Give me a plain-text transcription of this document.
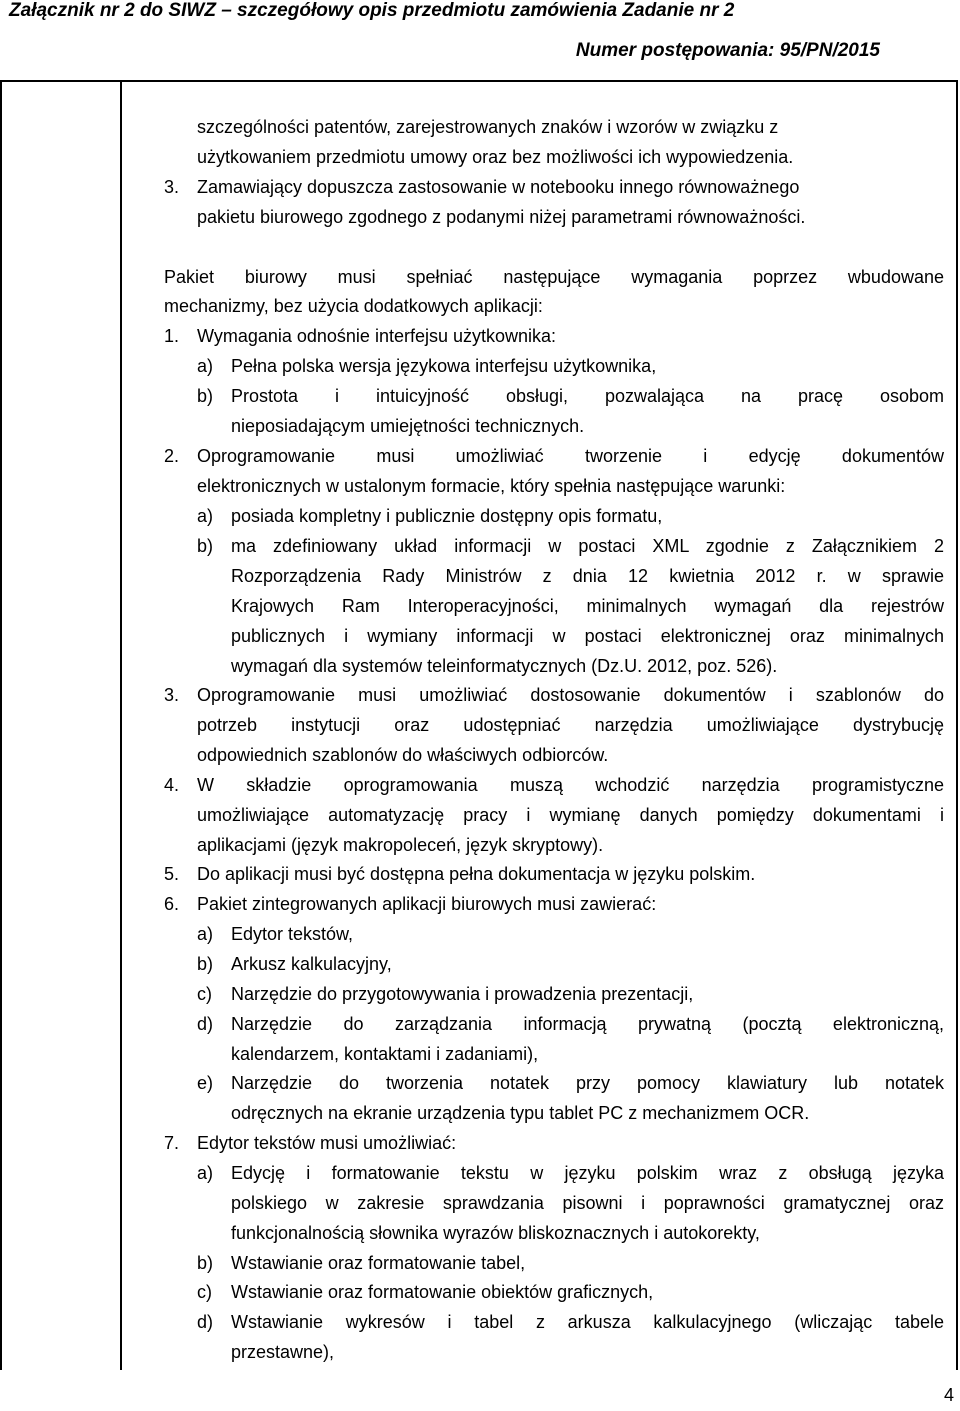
Załącznik nr 2 do SIWZ – szczegółowy opis przedmiotu zamówienia Zadanie nr 2
Numer postępowania: 95/PN/2015
szczególności patentów, zarejestrowanych znaków i wzorów w związku z
użytkowaniem przedmiotu umowy oraz bez możliwości ich wypowiedzenia.
3. Zamawiający dopuszcza zastosowanie w notebooku innego równoważnego
pakietu biurowego zgodnego z podanymi niżej parametrami równoważności.
Pakiet biurowy musi spełniać następujące wymagania poprzez wbudowane
mechanizmy, bez użycia dodatkowych aplikacji:
1. Wymagania odnośnie interfejsu użytkownika:
a) Pełna polska wersja językowa interfejsu użytkownika,
b) Prostota i intuicyjność obsługi, pozwalająca na pracę osobom
nieposiadającym umiejętności technicznych.
2. Oprogramowanie musi umożliwiać tworzenie i edycję dokumentów
elektronicznych w ustalonym formacie, który spełnia następujące warunki:
a) posiada kompletny i publicznie dostępny opis formatu,
b) ma zdefiniowany układ informacji w postaci XML zgodnie z Załącznikiem 2
Rozporządzenia Rady Ministrów z dnia 12 kwietnia 2012 r. w sprawie
Krajowych Ram Interoperacyjności, minimalnych wymagań dla rejestrów
publicznych i wymiany informacji w postaci elektronicznej oraz minimalnych
wymagań dla systemów teleinformatycznych (Dz.U. 2012, poz. 526).
3. Oprogramowanie musi umożliwiać dostosowanie dokumentów i szablonów do
potrzeb instytucji oraz udostępniać narzędzia umożliwiające dystrybucję
odpowiednich szablonów do właściwych odbiorców.
4. W składzie oprogramowania muszą wchodzić narzędzia programistyczne
umożliwiające automatyzację pracy i wymianę danych pomiędzy dokumentami i
aplikacjami (język makropoleceń, język skryptowy).
5. Do aplikacji musi być dostępna pełna dokumentacja w języku polskim.
6. Pakiet zintegrowanych aplikacji biurowych musi zawierać:
a) Edytor tekstów,
b) Arkusz kalkulacyjny,
c) Narzędzie do przygotowywania i prowadzenia prezentacji,
d) Narzędzie do zarządzania informacją prywatną (pocztą elektroniczną,
kalendarzem, kontaktami i zadaniami),
e) Narzędzie do tworzenia notatek przy pomocy klawiatury lub notatek
odręcznych na ekranie urządzenia typu tablet PC z mechanizmem OCR.
7. Edytor tekstów musi umożliwiać:
a) Edycję i formatowanie tekstu w języku polskim wraz z obsługą języka
polskiego w zakresie sprawdzania pisowni i poprawności gramatycznej oraz
funkcjonalnością słownika wyrazów bliskoznacznych i autokorekty,
b) Wstawianie oraz formatowanie tabel,
c) Wstawianie oraz formatowanie obiektów graficznych,
d) Wstawianie wykresów i tabel z arkusza kalkulacyjnego (wliczając tabele
przestawne),
4
